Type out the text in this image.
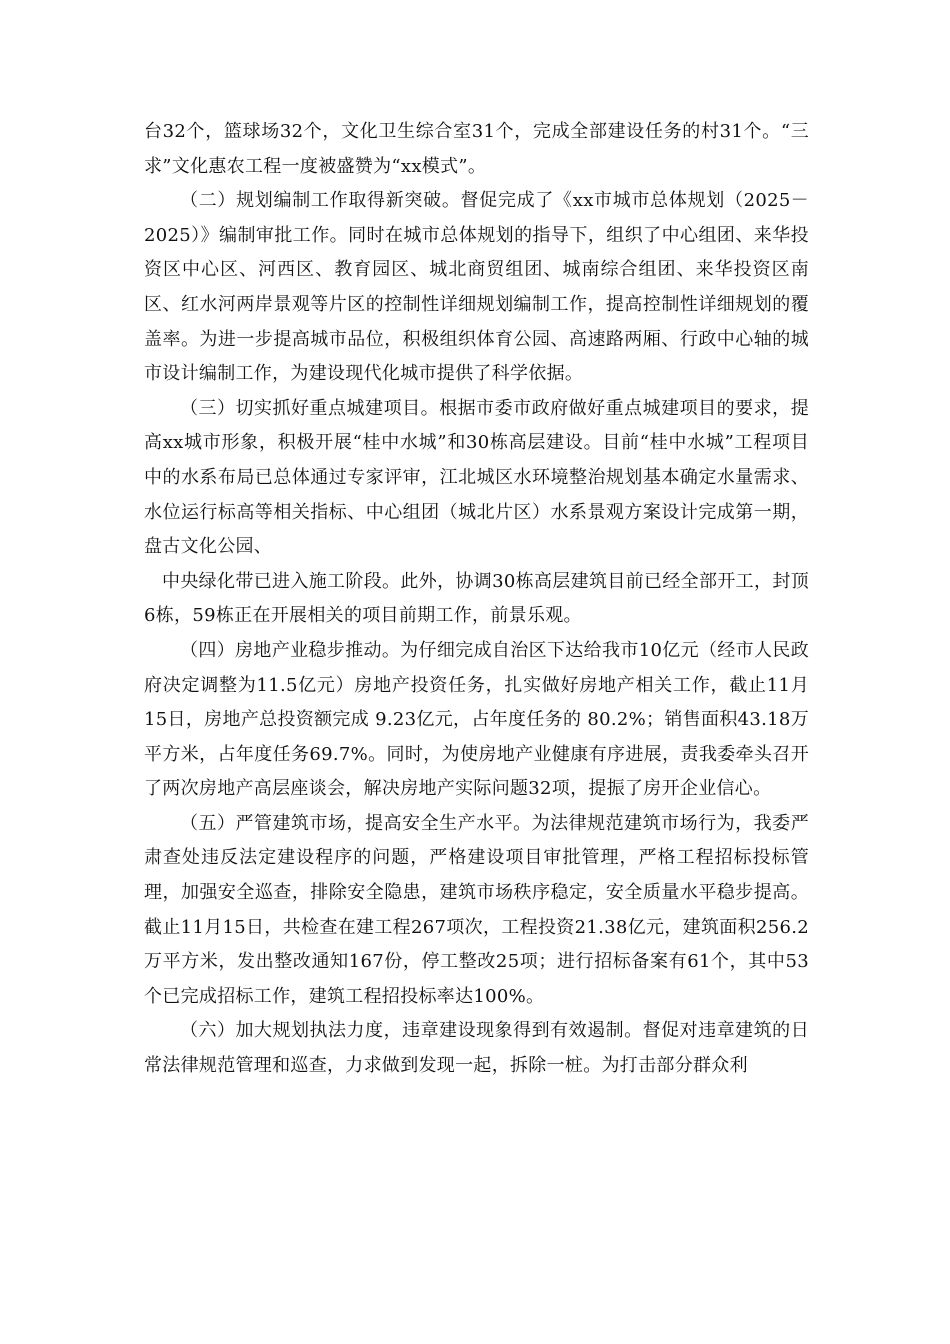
台32个，篮球场32个，文化卫生综合室31个，完成全部建设任务的村31个。“三求”文化惠农工程一度被盛赞为“xx模式”。

（二）规划编制工作取得新突破。督促完成了《xx市城市总体规划（2025－2025）》编制审批工作。同时在城市总体规划的指导下，组织了中心组团、来华投资区中心区、河西区、教育园区、城北商贸组团、城南综合组团、来华投资区南区、红水河两岸景观等片区的控制性详细规划编制工作，提高控制性详细规划的覆盖率。为进一步提高城市品位，积极组织体育公园、高速路两厢、行政中心轴的城市设计编制工作，为建设现代化城市提供了科学依据。

（三）切实抓好重点城建项目。根据市委市政府做好重点城建项目的要求，提高xx城市形象，积极开展“桂中水城”和30栋高层建设。目前“桂中水城”工程项目中的水系布局已总体通过专家评审，江北城区水环境整治规划基本确定水量需求、水位运行标高等相关指标、中心组团（城北片区）水系景观方案设计完成第一期，盘古文化公园、

中央绿化带已进入施工阶段。此外，协调30栋高层建筑目前已经全部开工，封顶6栋，59栋正在开展相关的项目前期工作，前景乐观。

（四）房地产业稳步推动。为仔细完成自治区下达给我市10亿元（经市人民政府决定调整为11.5亿元）房地产投资任务，扎实做好房地产相关工作，截止11月15日，房地产总投资额完成 9.23亿元，占年度任务的 80.2%；销售面积43.18万平方米，占年度任务69.7%。同时，为使房地产业健康有序进展，责我委牵头召开了两次房地产高层座谈会，解决房地产实际问题32项，提振了房开企业信心。

（五）严管建筑市场，提高安全生产水平。为法律规范建筑市场行为，我委严肃查处违反法定建设程序的问题，严格建设项目审批管理，严格工程招标投标管理，加强安全巡查，排除安全隐患，建筑市场秩序稳定，安全质量水平稳步提高。截止11月15日，共检查在建工程267项次，工程投资21.38亿元，建筑面积256.2万平方米，发出整改通知167份，停工整改25项；进行招标备案有61个，其中53个已完成招标工作，建筑工程招投标率达100%。

（六）加大规划执法力度，违章建设现象得到有效遏制。督促对违章建筑的日常法律规范管理和巡查，力求做到发现一起，拆除一桩。为打击部分群众利
